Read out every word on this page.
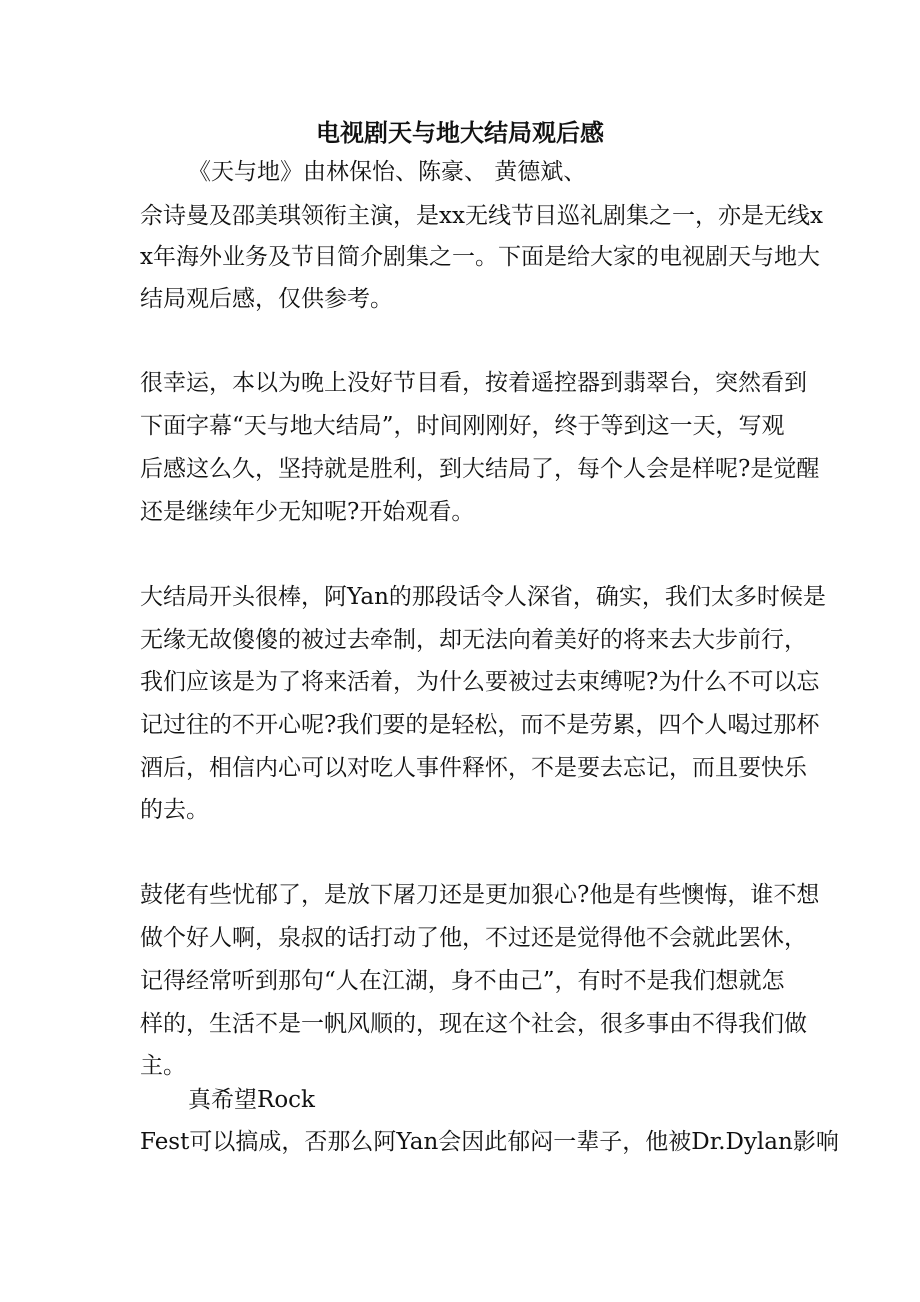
电视剧天与地大结局观后感
《天与地》由林保怡、陈豪、 黄德斌、
佘诗曼及邵美琪领衔主演，是xx无线节目巡礼剧集之一，亦是无线x
x年海外业务及节目简介剧集之一。下面是给大家的电视剧天与地大
结局观后感，仅供参考。
很幸运，本以为晚上没好节目看，按着遥控器到翡翠台，突然看到
下面字幕“天与地大结局”，时间刚刚好，终于等到这一天，写观
后感这么久，坚持就是胜利，到大结局了，每个人会是样呢?是觉醒
还是继续年少无知呢?开始观看。
大结局开头很棒，阿Yan的那段话令人深省，确实，我们太多时候是
无缘无故傻傻的被过去牵制，却无法向着美好的将来去大步前行，
我们应该是为了将来活着，为什么要被过去束缚呢?为什么不可以忘
记过往的不开心呢?我们要的是轻松，而不是劳累，四个人喝过那杯
酒后，相信内心可以对吃人事件释怀，不是要去忘记，而且要快乐
的去。
鼓佬有些忧郁了，是放下屠刀还是更加狠心?他是有些懊悔，谁不想
做个好人啊，泉叔的话打动了他，不过还是觉得他不会就此罢休，
记得经常听到那句“人在江湖，身不由己”，有时不是我们想就怎
样的，生活不是一帆风顺的，现在这个社会，很多事由不得我们做
主。
真希望Rock
Fest可以搞成，否那么阿Yan会因此郁闷一辈子，他被Dr.Dylan影响
